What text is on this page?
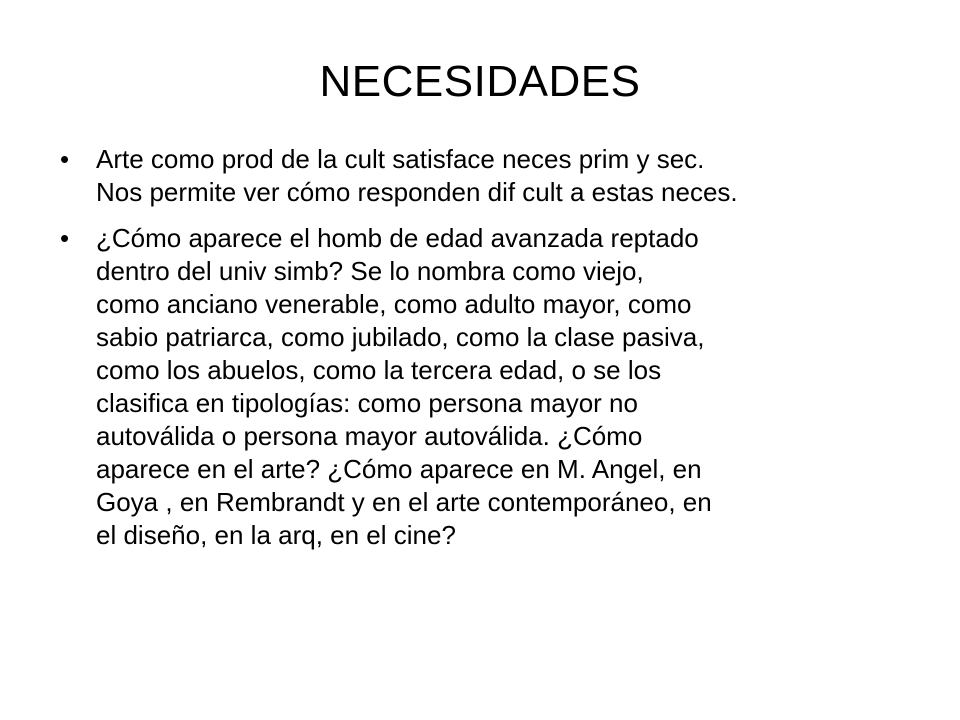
NECESIDADES
• Arte como prod de la cult satisface neces prim y sec.
Nos permite ver cómo responden dif cult a estas neces.
• ¿Cómo aparece el homb de edad avanzada reptado
dentro del univ simb? Se lo nombra como viejo,
como anciano venerable, como adulto mayor, como
sabio patriarca, como jubilado, como la clase pasiva,
como los abuelos, como la tercera edad, o se los
clasifica en tipologías: como persona mayor no
autoválida o persona mayor autoválida. ¿Cómo
aparece en el arte? ¿Cómo aparece en M. Angel, en
Goya , en Rembrandt y en el arte contemporáneo, en
el diseño, en la arq, en el cine?
